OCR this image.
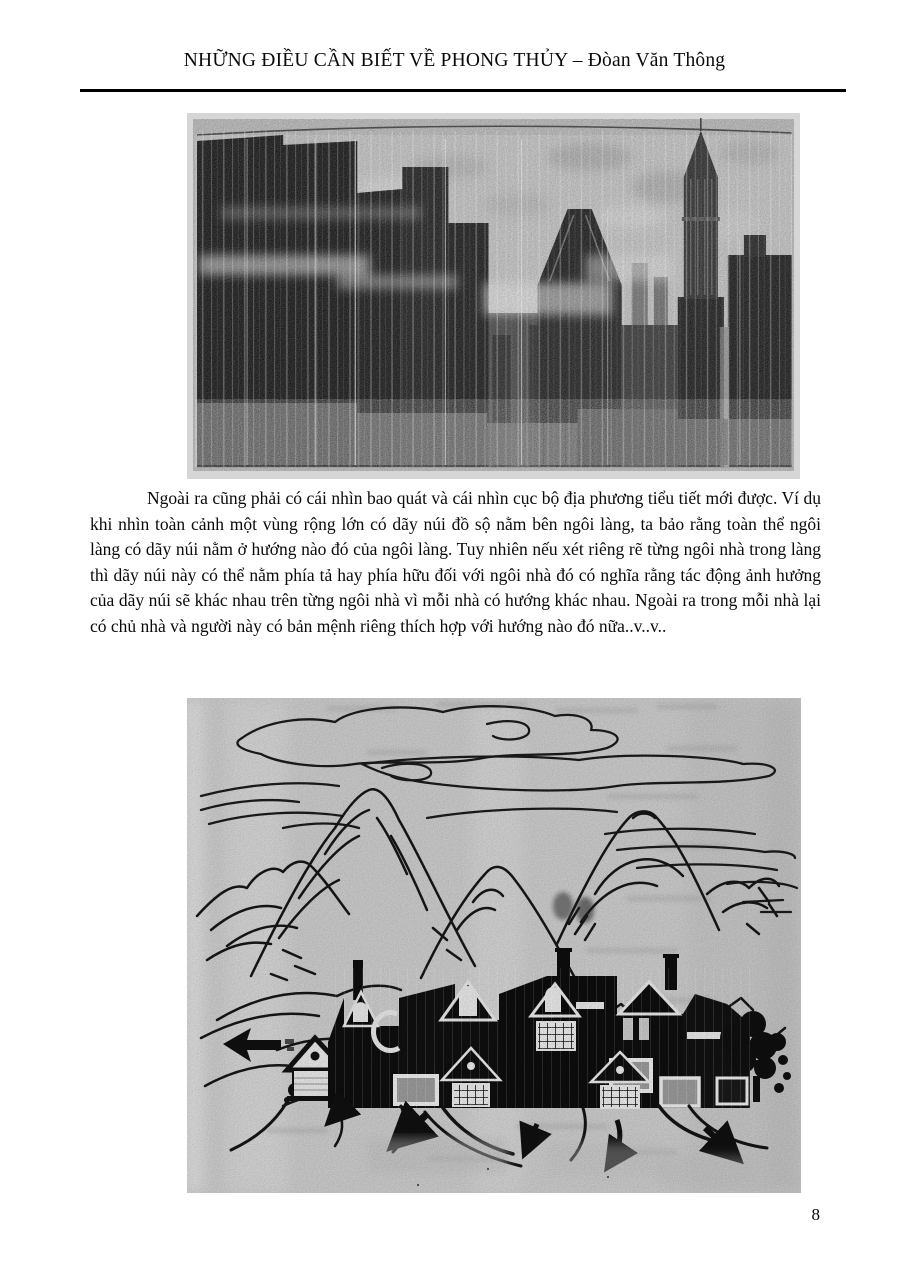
NHỮNG ĐIỀU CẦN BIẾT VỀ PHONG THỦY – Đòan Văn Thông

Ngoài ra cũng phải có cái nhìn bao quát và cái nhìn cục bộ địa phương tiểu tiết mới được. Ví dụ khi nhìn toàn cảnh một vùng rộng lớn có dãy núi đồ sộ nằm bên ngôi làng, ta bảo rằng toàn thể ngôi làng có dãy núi nằm ở hướng nào đó của ngôi làng. Tuy nhiên nếu xét riêng rẽ từng ngôi nhà trong làng thì dãy núi này có thể nằm phía tả hay phía hữu đối với ngôi nhà đó có nghĩa rằng tác động ảnh hưởng của dãy núi sẽ khác nhau trên từng ngôi nhà vì mỗi nhà có hướng khác nhau. Ngoài ra trong mỗi nhà lại có chủ nhà và người này có bản mệnh riêng thích hợp với hướng nào đó nữa..v..v..

8
